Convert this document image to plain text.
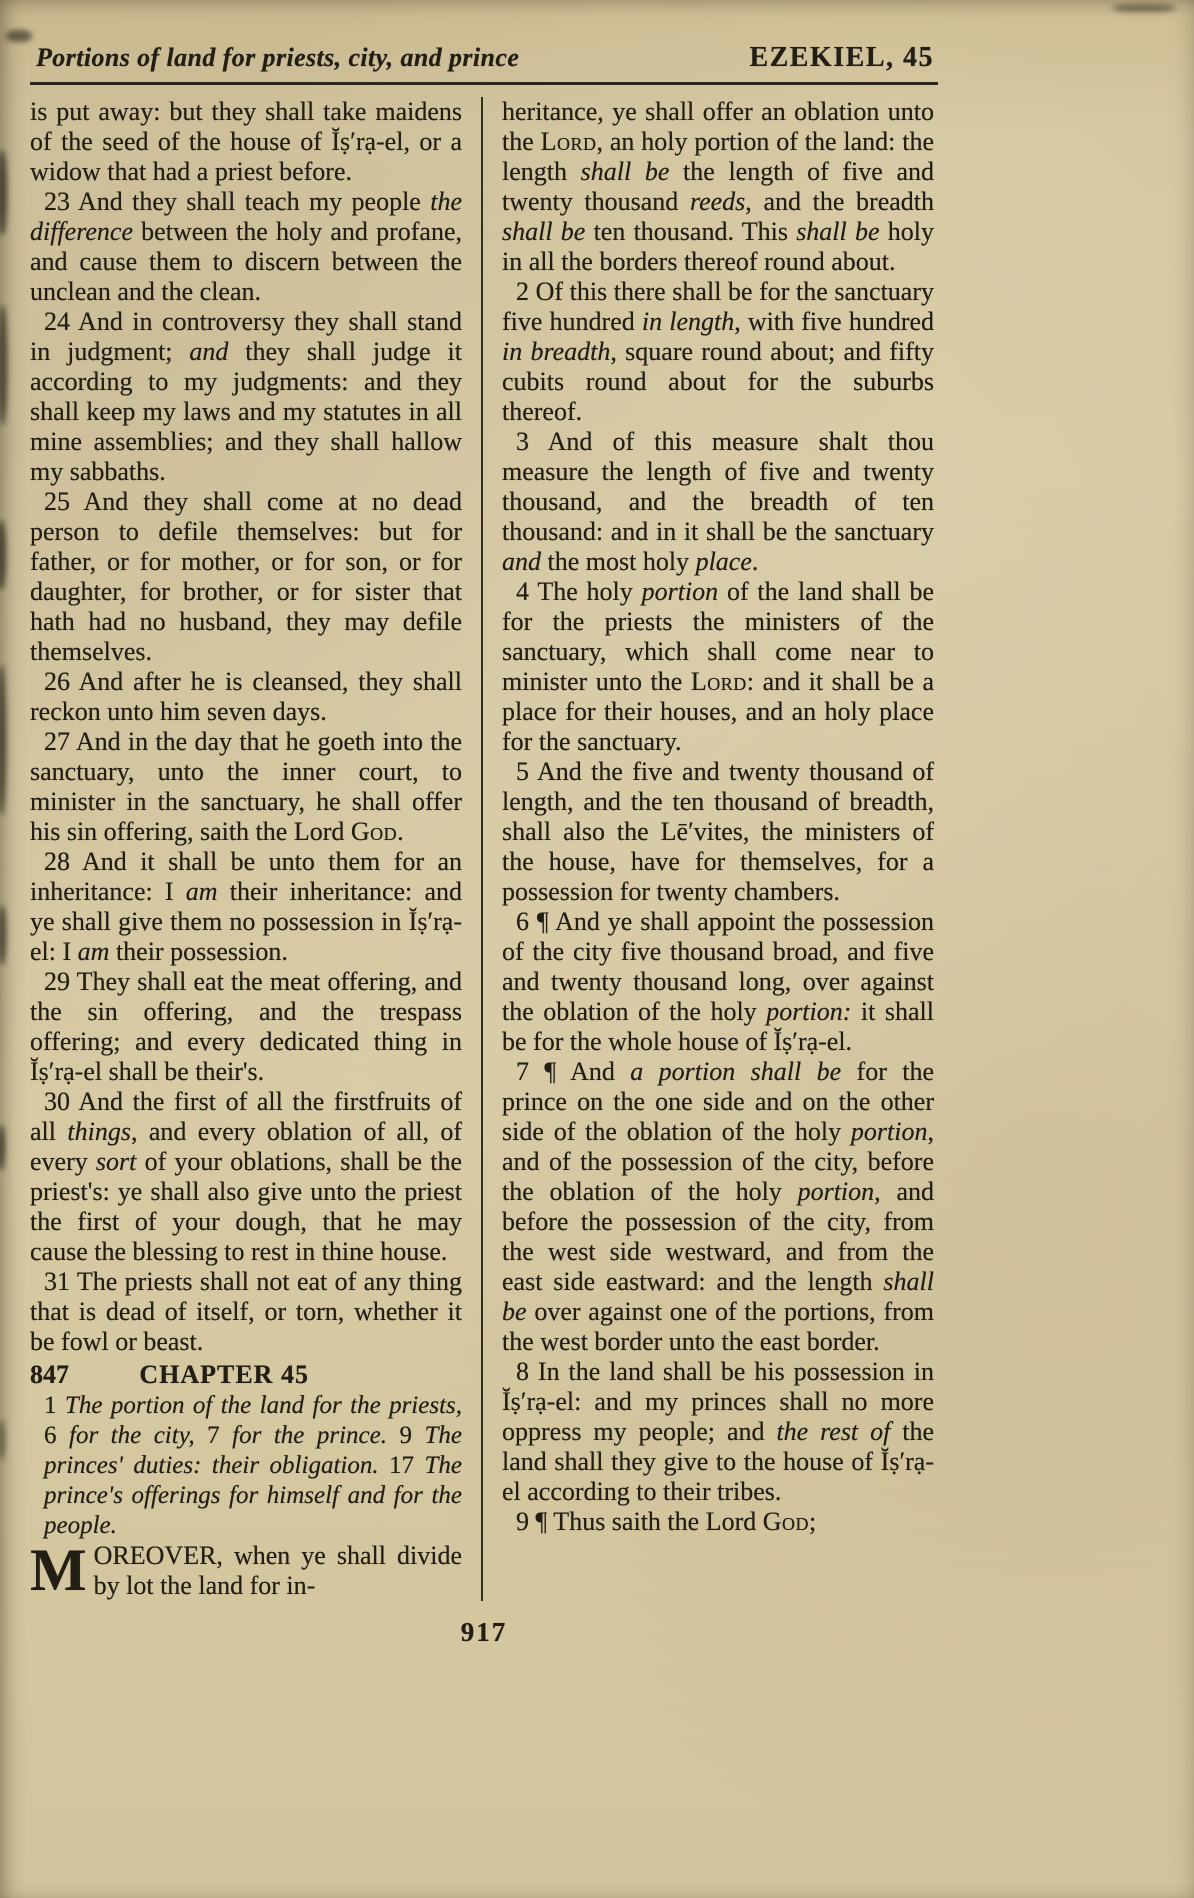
Portions of land for priests, city, and prince	EZEKIEL, 45

is put away: but they shall take maidens of the seed of the house of Ĭṣ′rạ-el, or a widow that had a priest before.

23 And they shall teach my people the difference between the holy and profane, and cause them to discern between the unclean and the clean.

24 And in controversy they shall stand in judgment; and they shall judge it according to my judgments: and they shall keep my laws and my statutes in all mine assemblies; and they shall hallow my sabbaths.

25 And they shall come at no dead person to defile themselves: but for father, or for mother, or for son, or for daughter, for brother, or for sister that hath had no husband, they may defile themselves.

26 And after he is cleansed, they shall reckon unto him seven days.

27 And in the day that he goeth into the sanctuary, unto the inner court, to minister in the sanctuary, he shall offer his sin offering, saith the Lord God.

28 And it shall be unto them for an inheritance: I am their inheritance: and ye shall give them no possession in Ĭṣ′rạ-el: I am their possession.

29 They shall eat the meat offering, and the sin offering, and the trespass offering; and every dedicated thing in Ĭṣ′rạ-el shall be their's.

30 And the first of all the firstfruits of all things, and every oblation of all, of every sort of your oblations, shall be the priest's: ye shall also give unto the priest the first of your dough, that he may cause the blessing to rest in thine house.

31 The priests shall not eat of any thing that is dead of itself, or torn, whether it be fowl or beast.

847	CHAPTER 45

1 The portion of the land for the priests, 6 for the city, 7 for the prince. 9 The princes' duties: their obligation. 17 The prince's offerings for himself and for the people.

MOREOVER, when ye shall divide by lot the land for in-

heritance, ye shall offer an oblation unto the Lord, an holy portion of the land: the length shall be the length of five and twenty thousand reeds, and the breadth shall be ten thousand. This shall be holy in all the borders thereof round about.

2 Of this there shall be for the sanctuary five hundred in length, with five hundred in breadth, square round about; and fifty cubits round about for the suburbs thereof.

3 And of this measure shalt thou measure the length of five and twenty thousand, and the breadth of ten thousand: and in it shall be the sanctuary and the most holy place.

4 The holy portion of the land shall be for the priests the ministers of the sanctuary, which shall come near to minister unto the Lord: and it shall be a place for their houses, and an holy place for the sanctuary.

5 And the five and twenty thousand of length, and the ten thousand of breadth, shall also the Lē′vites, the ministers of the house, have for themselves, for a possession for twenty chambers.

6 ¶ And ye shall appoint the possession of the city five thousand broad, and five and twenty thousand long, over against the oblation of the holy portion: it shall be for the whole house of Ĭṣ′rạ-el.

7 ¶ And a portion shall be for the prince on the one side and on the other side of the oblation of the holy portion, and of the possession of the city, before the oblation of the holy portion, and before the possession of the city, from the west side westward, and from the east side eastward: and the length shall be over against one of the portions, from the west border unto the east border.

8 In the land shall be his possession in Ĭṣ′rạ-el: and my princes shall no more oppress my people; and the rest of the land shall they give to the house of Ĭṣ′rạ-el according to their tribes.

9 ¶ Thus saith the Lord God;

917
